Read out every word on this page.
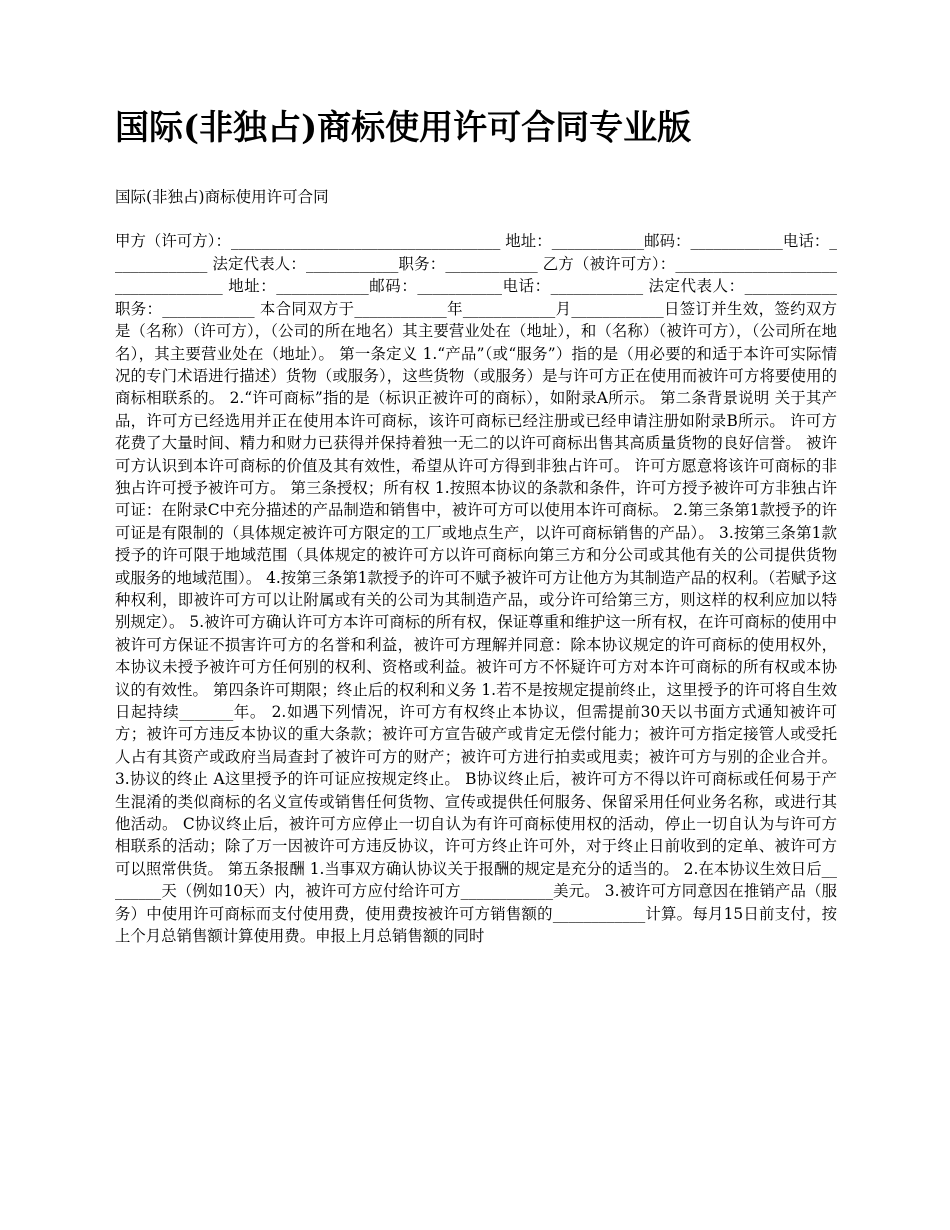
国际(非独占)商标使用许可合同专业版

国际(非独占)商标使用许可合同

甲方（许可方）：___________________________________ 地址：____________邮码：____________电话：_____________ 法定代表人：____________职务：____________ 乙方（被许可方）：___________________________________ 地址：____________邮码：___________电话：____________ 法定代表人：____________职务：____________ 本合同双方于____________年____________月____________日签订并生效，签约双方是（名称）（许可方），（公司的所在地名）其主要营业处在（地址），和（名称）（被许可方），（公司所在地名），其主要营业处在（地址）。 第一条定义 1.“产品”（或“服务”）指的是（用必要的和适于本许可实际情况的专门术语进行描述）货物（或服务），这些货物（或服务）是与许可方正在使用而被许可方将要使用的商标相联系的。 2.“许可商标”指的是（标识正被许可的商标），如附录A所示。 第二条背景说明 关于其产品，许可方已经选用并正在使用本许可商标，该许可商标已经注册或已经申请注册如附录B所示。 许可方花费了大量时间、精力和财力已获得并保持着独一无二的以许可商标出售其高质量货物的良好信誉。 被许可方认识到本许可商标的价值及其有效性，希望从许可方得到非独占许可。 许可方愿意将该许可商标的非独占许可授予被许可方。 第三条授权；所有权 1.按照本协议的条款和条件，许可方授予被许可方非独占许可证：在附录C中充分描述的产品制造和销售中，被许可方可以使用本许可商标。 2.第三条第1款授予的许可证是有限制的（具体规定被许可方限定的工厂或地点生产，以许可商标销售的产品）。 3.按第三条第1款授予的许可限于地域范围（具体规定的被许可方以许可商标向第三方和分公司或其他有关的公司提供货物或服务的地域范围）。 4.按第三条第1款授予的许可不赋予被许可方让他方为其制造产品的权利。（若赋予这种权利，即被许可方可以让附属或有关的公司为其制造产品，或分许可给第三方，则这样的权利应加以特别规定）。 5.被许可方确认许可方本许可商标的所有权，保证尊重和维护这一所有权，在许可商标的使用中被许可方保证不损害许可方的名誉和利益，被许可方理解并同意：除本协议规定的许可商标的使用权外，本协议未授予被许可方任何别的权利、资格或利益。被许可方不怀疑许可方对本许可商标的所有权或本协议的有效性。 第四条许可期限；终止后的权利和义务 1.若不是按规定提前终止，这里授予的许可将自生效日起持续_______年。 2.如遇下列情况，许可方有权终止本协议，但需提前30天以书面方式通知被许可方；被许可方违反本协议的重大条款；被许可方宣告破产或肯定无偿付能力；被许可方指定接管人或受托人占有其资产或政府当局查封了被许可方的财产；被许可方进行拍卖或甩卖；被许可方与别的企业合并。 3.协议的终止 A这里授予的许可证应按规定终止。 B协议终止后，被许可方不得以许可商标或任何易于产生混淆的类似商标的名义宣传或销售任何货物、宣传或提供任何服务、保留采用任何业务名称，或进行其他活动。 C协议终止后，被许可方应停止一切自认为有许可商标使用权的活动，停止一切自认为与许可方相联系的活动；除了万一因被许可方违反协议，许可方终止许可外，对于终止日前收到的定单、被许可方可以照常供货。 第五条报酬 1.当事双方确认协议关于报酬的规定是充分的适当的。 2.在本协议生效日后________天（例如10天）内，被许可方应付给许可方____________美元。 3.被许可方同意因在推销产品（服务）中使用许可商标而支付使用费，使用费按被许可方销售额的____________计算。每月15日前支付，按上个月总销售额计算使用费。申报上月总销售额的同时
